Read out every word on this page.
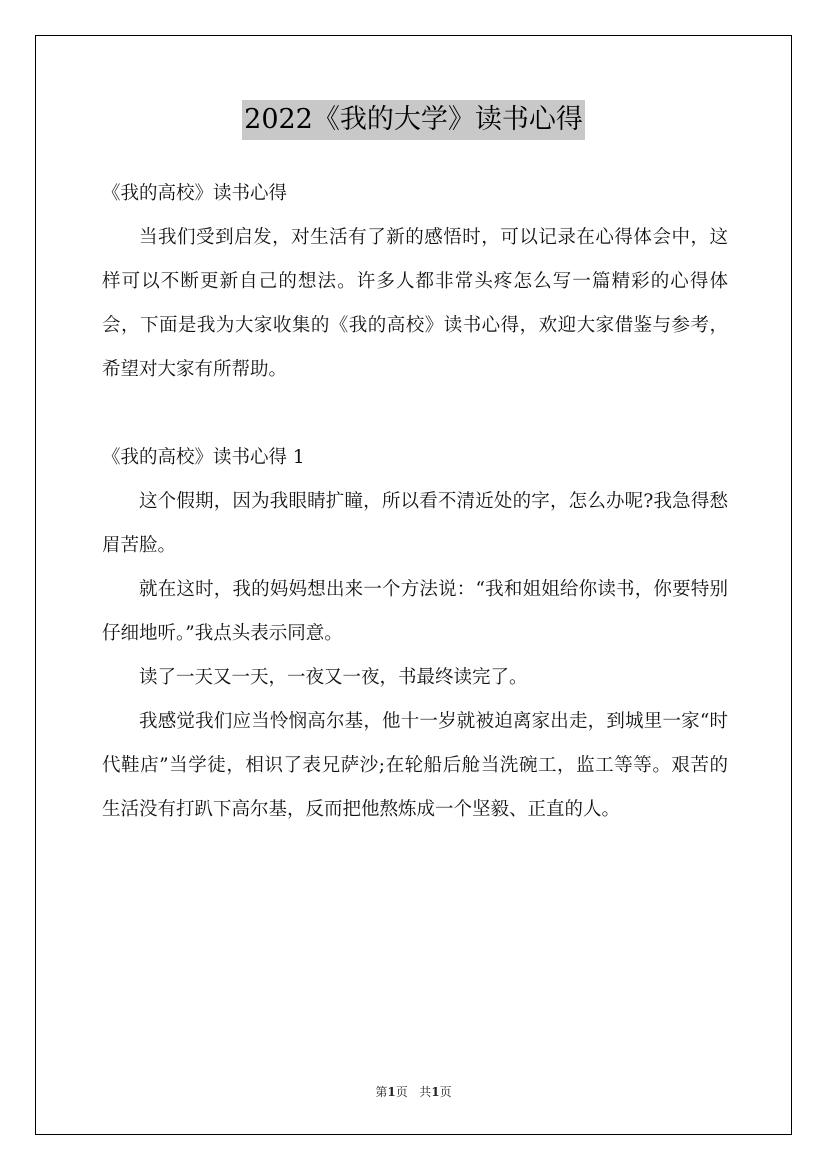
2022《我的大学》读书心得

《我的高校》读书心得

当我们受到启发，对生活有了新的感悟时，可以记录在心得体会中，这样可以不断更新自己的想法。许多人都非常头疼怎么写一篇精彩的心得体会，下面是我为大家收集的《我的高校》读书心得，欢迎大家借鉴与参考，希望对大家有所帮助。

《我的高校》读书心得 1

这个假期，因为我眼睛扩瞳，所以看不清近处的字，怎么办呢?我急得愁眉苦脸。

就在这时，我的妈妈想出来一个方法说：“我和姐姐给你读书，你要特别仔细地听。”我点头表示同意。

读了一天又一天，一夜又一夜，书最终读完了。

我感觉我们应当怜悯高尔基，他十一岁就被迫离家出走，到城里一家“时代鞋店”当学徒，相识了表兄萨沙;在轮船后舱当洗碗工，监工等等。艰苦的生活没有打趴下高尔基，反而把他熬炼成一个坚毅、正直的人。

第1页 共1页
